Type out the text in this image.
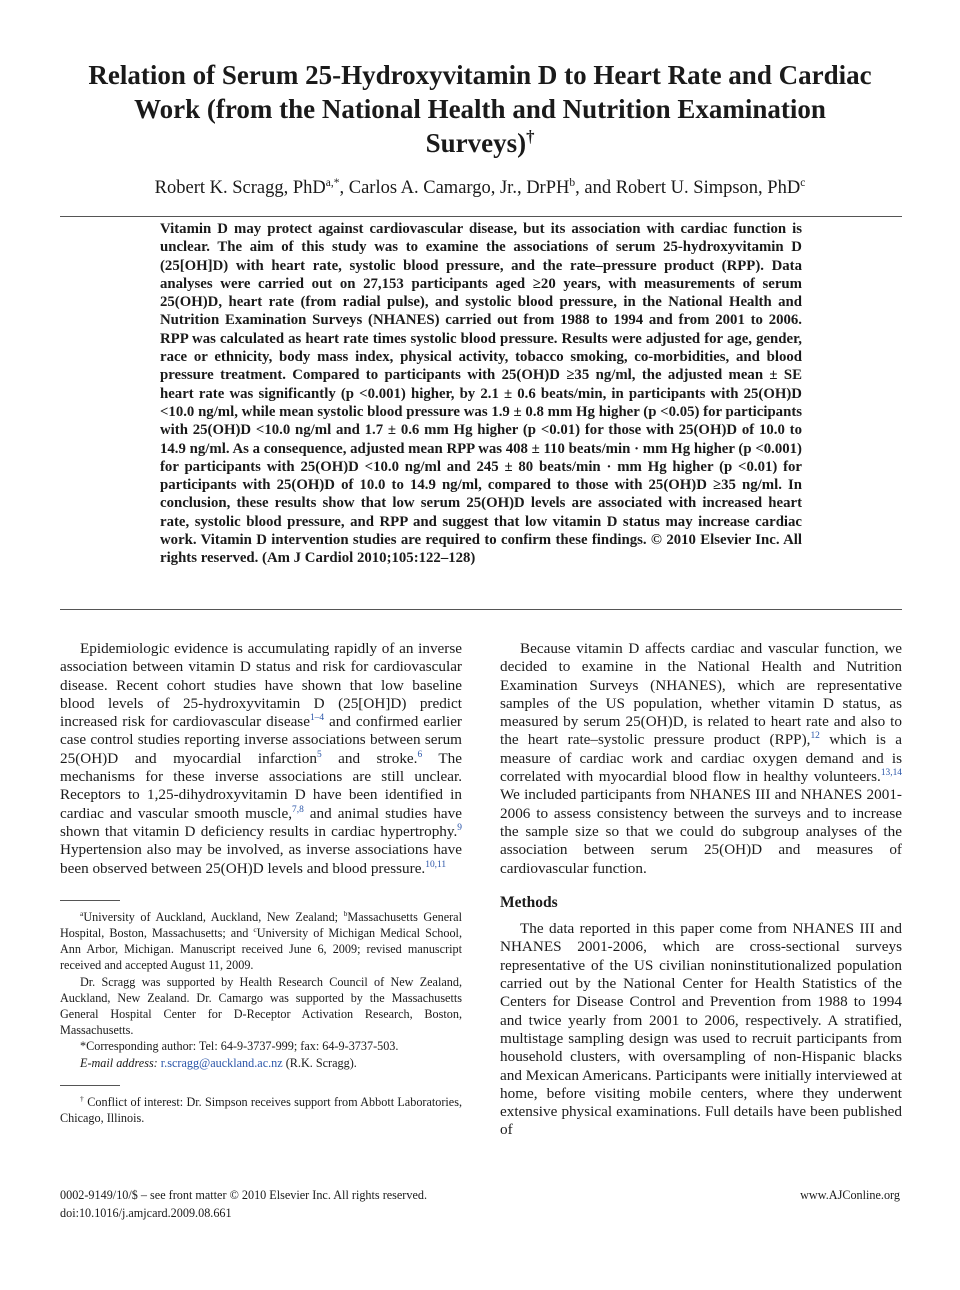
Relation of Serum 25-Hydroxyvitamin D to Heart Rate and Cardiac Work (from the National Health and Nutrition Examination Surveys)†
Robert K. Scragg, PhD$^{a,*}$, Carlos A. Camargo, Jr., DrPH$^b$, and Robert U. Simpson, PhD$^c$

Vitamin D may protect against cardiovascular disease, but its association with cardiac function is unclear. The aim of this study was to examine the associations of serum 25-hydroxyvitamin D (25[OH]D) with heart rate, systolic blood pressure, and the rate–pressure product (RPP). Data analyses were carried out on 27,153 participants aged ≥20 years, with measurements of serum 25(OH)D, heart rate (from radial pulse), and systolic blood pressure, in the National Health and Nutrition Examination Surveys (NHANES) carried out from 1988 to 1994 and from 2001 to 2006. RPP was calculated as heart rate times systolic blood pressure. Results were adjusted for age, gender, race or ethnicity, body mass index, physical activity, tobacco smoking, co-morbidities, and blood pressure treatment. Compared to participants with 25(OH)D ≥35 ng/ml, the adjusted mean ± SE heart rate was significantly (p <0.001) higher, by 2.1 ± 0.6 beats/min, in participants with 25(OH)D <10.0 ng/ml, while mean systolic blood pressure was 1.9 ± 0.8 mm Hg higher (p <0.05) for participants with 25(OH)D <10.0 ng/ml and 1.7 ± 0.6 mm Hg higher (p <0.01) for those with 25(OH)D of 10.0 to 14.9 ng/ml. As a consequence, adjusted mean RPP was 408 ± 110 beats/min · mm Hg higher (p <0.001) for participants with 25(OH)D <10.0 ng/ml and 245 ± 80 beats/min · mm Hg higher (p <0.01) for participants with 25(OH)D of 10.0 to 14.9 ng/ml, compared to those with 25(OH)D ≥35 ng/ml. In conclusion, these results show that low serum 25(OH)D levels are associated with increased heart rate, systolic blood pressure, and RPP and suggest that low vitamin D status may increase cardiac work. Vitamin D intervention studies are required to confirm these findings. © 2010 Elsevier Inc. All rights reserved. (Am J Cardiol 2010;105:122–128)

Epidemiologic evidence is accumulating rapidly of an inverse association between vitamin D status and risk for cardiovascular disease. Recent cohort studies have shown that low baseline blood levels of 25-hydroxyvitamin D (25[OH]D) predict increased risk for cardiovascular disease$^{1-4}$ and confirmed earlier case control studies reporting inverse associations between serum 25(OH)D and myocardial infarction$^5$ and stroke.$^6$ The mechanisms for these inverse associations are still unclear. Receptors to 1,25-dihydroxyvitamin D have been identified in cardiac and vascular smooth muscle,$^{7,8}$ and animal studies have shown that vitamin D deficiency results in cardiac hypertrophy.$^9$ Hypertension also may be involved, as inverse associations have been observed between 25(OH)D levels and blood pressure.$^{10,11}$

$^a$University of Auckland, Auckland, New Zealand; $^b$Massachusetts General Hospital, Boston, Massachusetts; and $^c$University of Michigan Medical School, Ann Arbor, Michigan. Manuscript received June 6, 2009; revised manuscript received and accepted August 11, 2009.

Dr. Scragg was supported by Health Research Council of New Zealand, Auckland, New Zealand. Dr. Camargo was supported by the Massachusetts General Hospital Center for D-Receptor Activation Research, Boston, Massachusetts.

*Corresponding author: Tel: 64-9-3737-999; fax: 64-9-3737-503.

E-mail address: r.scragg@auckland.ac.nz (R.K. Scragg).

† Conflict of interest: Dr. Simpson receives support from Abbott Laboratories, Chicago, Illinois.

Because vitamin D affects cardiac and vascular function, we decided to examine in the National Health and Nutrition Examination Surveys (NHANES), which are representative samples of the US population, whether vitamin D status, as measured by serum 25(OH)D, is related to heart rate and also to the heart rate–systolic pressure product (RPP),$^{12}$ which is a measure of cardiac work and cardiac oxygen demand and is correlated with myocardial blood flow in healthy volunteers.$^{13,14}$ We included participants from NHANES III and NHANES 2001-2006 to assess consistency between the surveys and to increase the sample size so that we could do subgroup analyses of the association between serum 25(OH)D and measures of cardiovascular function.

Methods

The data reported in this paper come from NHANES III and NHANES 2001-2006, which are cross-sectional surveys representative of the US civilian noninstitutionalized population carried out by the National Center for Health Statistics of the Centers for Disease Control and Prevention from 1988 to 1994 and twice yearly from 2001 to 2006, respectively. A stratified, multistage sampling design was used to recruit participants from household clusters, with oversampling of non-Hispanic blacks and Mexican Americans. Participants were initially interviewed at home, before visiting mobile centers, where they underwent extensive physical examinations. Full details have been published of

0002-9149/10/$ – see front matter © 2010 Elsevier Inc. All rights reserved.
doi:10.1016/j.amjcard.2009.08.661
www.AJConline.org
